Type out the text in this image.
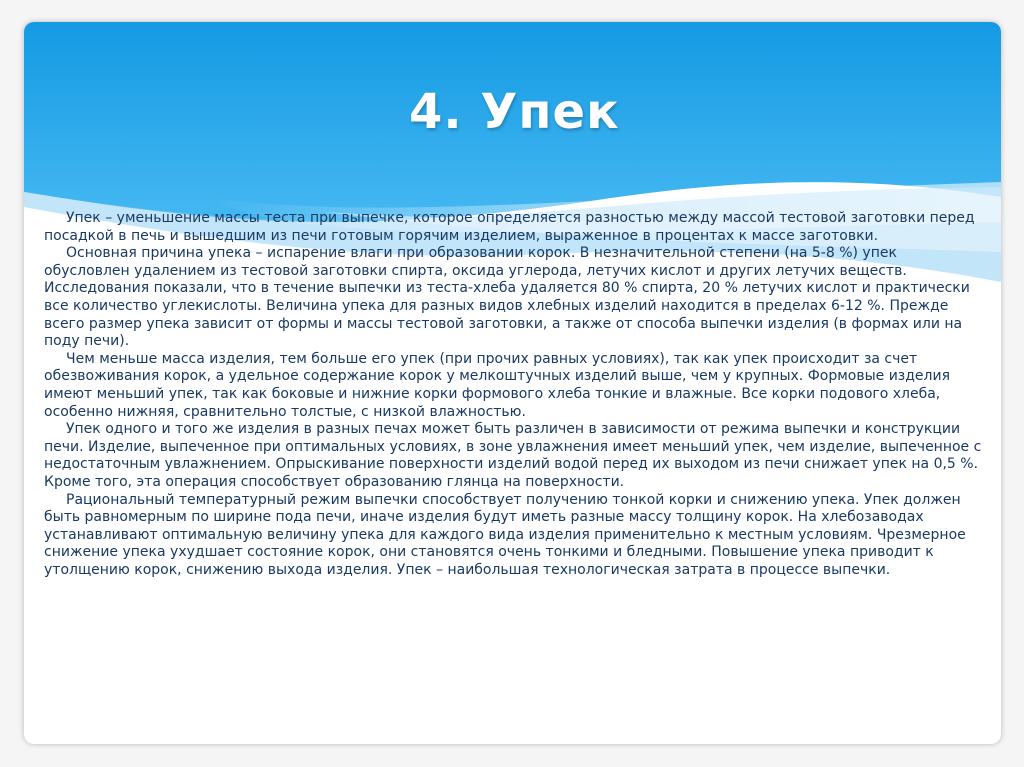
4. Упек

Упек – уменьшение массы теста при выпечке, которое определяется разностью между массой тестовой заготовки перед посадкой в печь и вышедшим из печи готовым горячим изделием, выраженное в процентах к массе заготовки.

Основная причина упека – испарение влаги при образовании корок. В незначительной степени (на 5-8 %) упек обусловлен удалением из тестовой заготовки спирта, оксида углерода, летучих кислот и других летучих веществ. Исследования показали, что в течение выпечки из теста-хлеба удаляется 80 % спирта, 20 % летучих кислот и практически все количество углекислоты. Величина упека для разных видов хлебных изделий находится в пределах 6-12 %. Прежде всего размер упека зависит от формы и массы тестовой заготовки, а также от способа выпечки изделия (в формах или на поду печи).

Чем меньше масса изделия, тем больше его упек (при прочих равных условиях), так как упек происходит за счет обезвоживания корок, а удельное содержание корок у мелкоштучных изделий выше, чем у крупных. Формовые изделия имеют меньший упек, так как боковые и нижние корки формового хлеба тонкие и влажные. Все корки подового хлеба, особенно нижняя, сравнительно толстые, с низкой влажностью.

Упек одного и того же изделия в разных печах может быть различен в зависимости от режима выпечки и конструкции печи. Изделие, выпеченное при оптимальных условиях, в зоне увлажнения имеет меньший упек, чем изделие, выпеченное с недостаточным увлажнением. Опрыскивание поверхности изделий водой перед их выходом из печи снижает упек на 0,5 %. Кроме того, эта операция способствует образованию глянца на поверхности.

Рациональный температурный режим выпечки способствует получению тонкой корки и снижению упека. Упек должен быть равномерным по ширине пода печи, иначе изделия будут иметь разные массу толщину корок. На хлебозаводах устанавливают оптимальную величину упека для каждого вида изделия применительно к местным условиям. Чрезмерное снижение упека ухудшает состояние корок, они становятся очень тонкими и бледными. Повышение упека приводит к утолщению корок, снижению выхода изделия. Упек – наибольшая технологическая затрата в процессе выпечки.
